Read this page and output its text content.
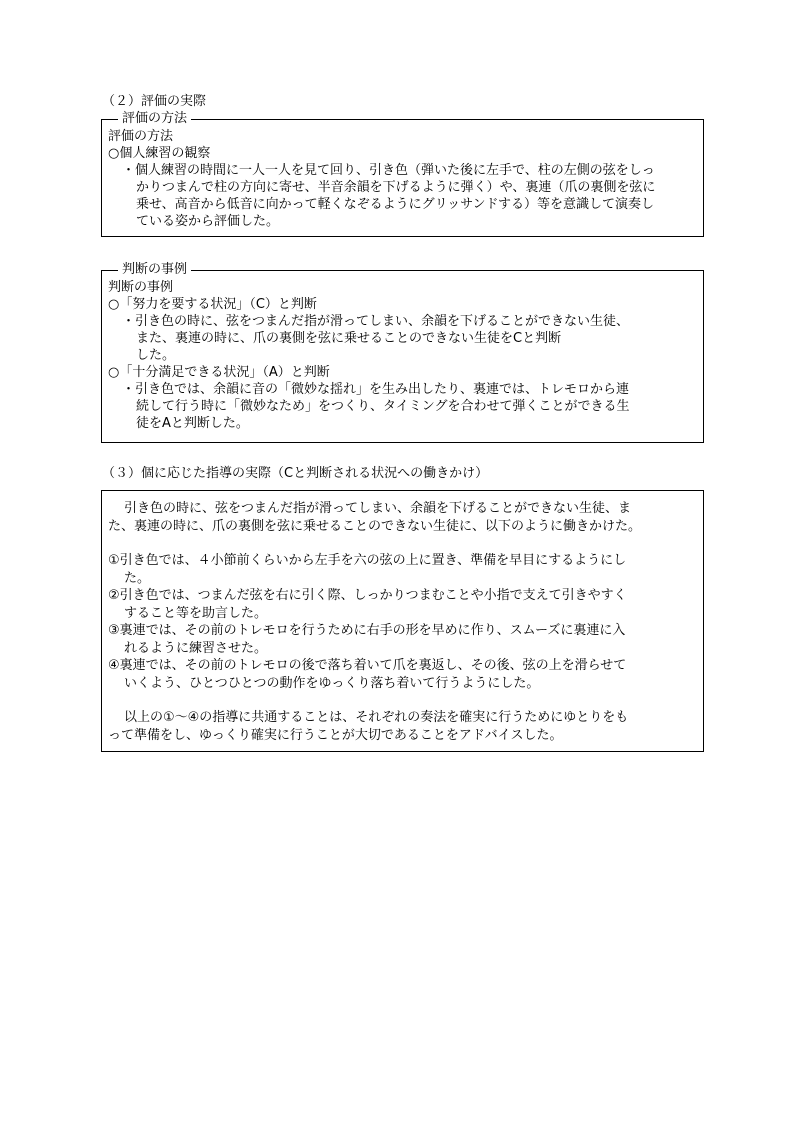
（２）評価の実際
評価の方法
評価の方法
○個人練習の観察
・個人練習の時間に一人一人を見て回り、引き色（弾いた後に左手で、柱の左側の弦をしっ
かりつまんで柱の方向に寄せ、半音余韻を下げるように弾く）や、裏連（爪の裏側を弦に
乗せ、高音から低音に向かって軽くなぞるようにグリッサンドする）等を意識して演奏し
ている姿から評価した。
判断の事例
判断の事例
○「努力を要する状況」（C）と判断
・引き色の時に、弦をつまんだ指が滑ってしまい、余韻を下げることができない生徒、
また、裏連の時に、爪の裏側を弦に乗せることのできない生徒をCと判断
した。
○「十分満足できる状況」（A）と判断
・引き色では、余韻に音の「微妙な揺れ」を生み出したり、裏連では、トレモロから連
続して行う時に「微妙なため」をつくり、タイミングを合わせて弾くことができる生
徒をAと判断した。
（３）個に応じた指導の実際（Cと判断される状況への働きかけ）
引き色の時に、弦をつまんだ指が滑ってしまい、余韻を下げることができない生徒、ま
た、裏連の時に、爪の裏側を弦に乗せることのできない生徒に、以下のように働きかけた。
①引き色では、４小節前くらいから左手を六の弦の上に置き、準備を早目にするようにし
た。
②引き色では、つまんだ弦を右に引く際、しっかりつまむことや小指で支えて引きやすく
すること等を助言した。
③裏連では、その前のトレモロを行うために右手の形を早めに作り、スムーズに裏連に入
れるように練習させた。
④裏連では、その前のトレモロの後で落ち着いて爪を裏返し、その後、弦の上を滑らせて
いくよう、ひとつひとつの動作をゆっくり落ち着いて行うようにした。
以上の①～④の指導に共通することは、それぞれの奏法を確実に行うためにゆとりをも
って準備をし、ゆっくり確実に行うことが大切であることをアドバイスした。
